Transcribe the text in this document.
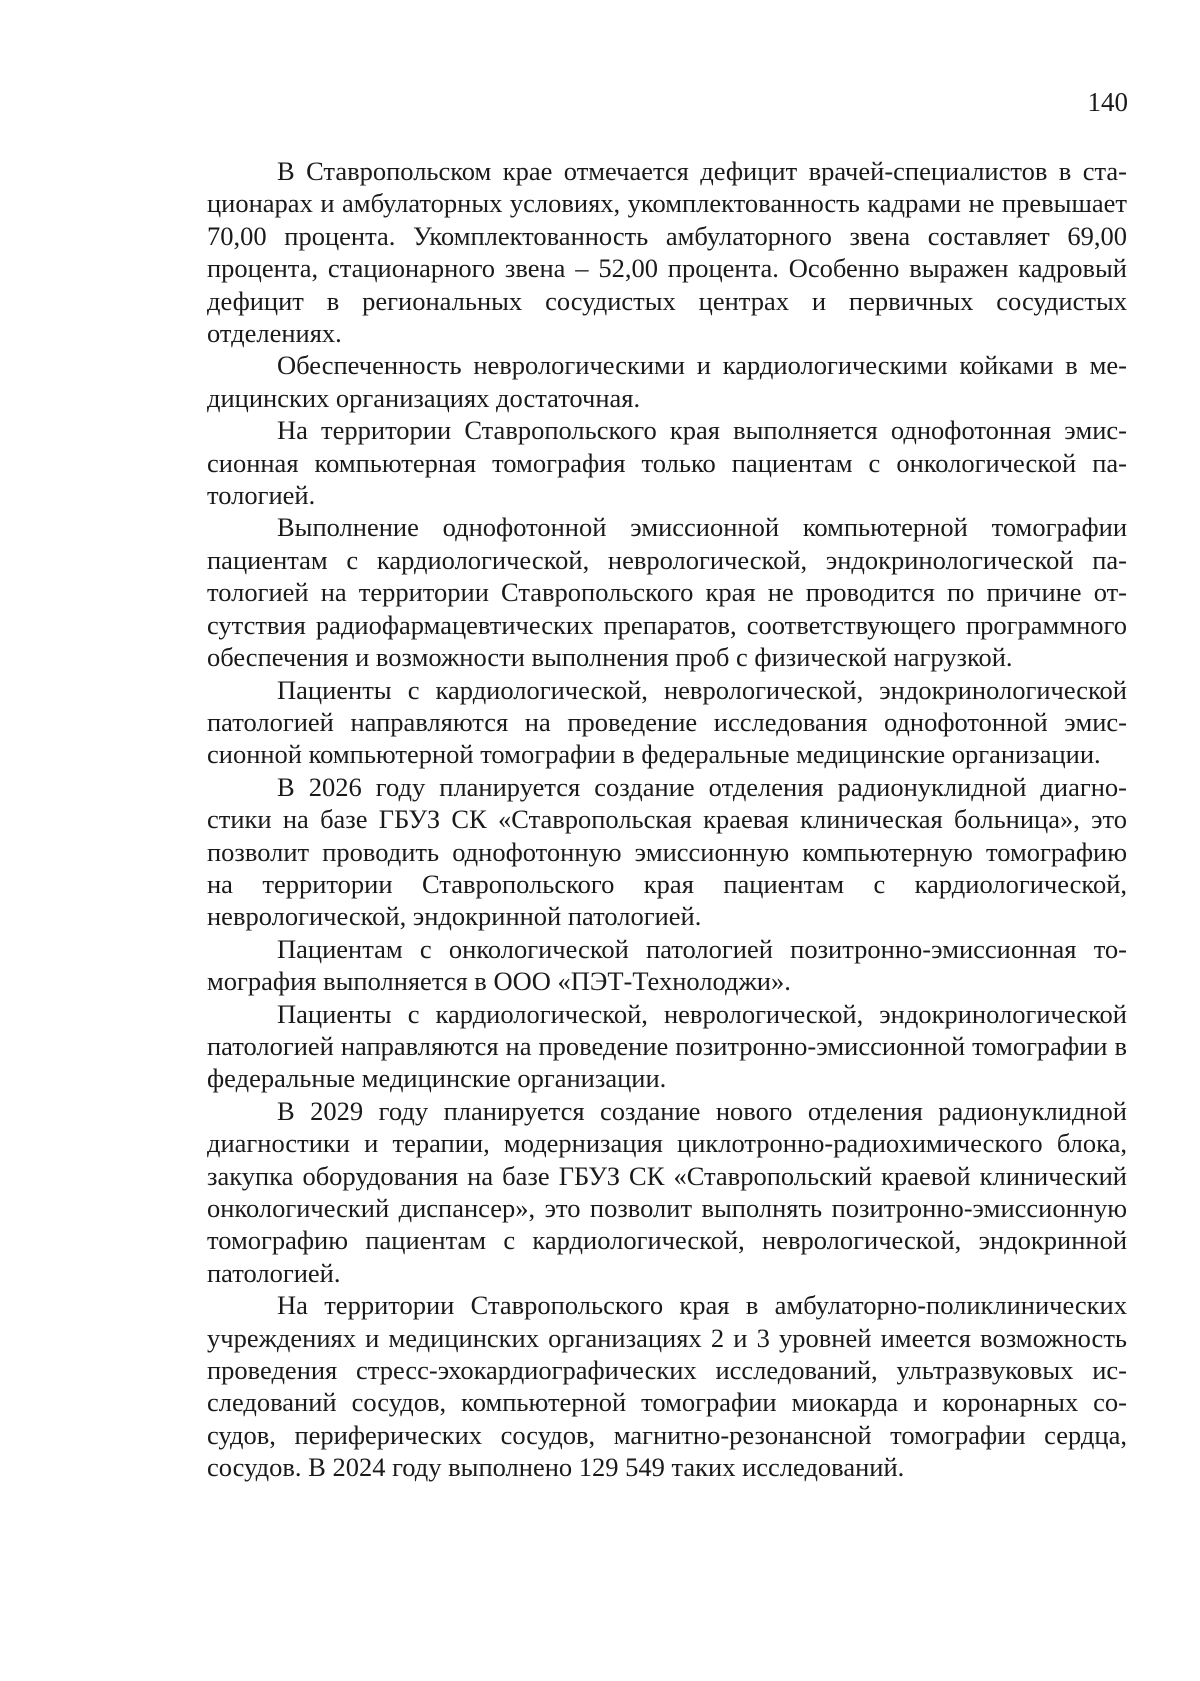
140

В Ставропольском крае отмечается дефицит врачей-специалистов в стационарах и амбулаторных условиях, укомплектованность кадрами не превышает 70,00 процента. Укомплектованность амбулаторного звена составляет 69,00 процента, стационарного звена – 52,00 процента. Особенно выражен кадровый дефицит в региональных сосудистых центрах и первичных сосудистых отделениях.

Обеспеченность неврологическими и кардиологическими койками в медицинских организациях достаточная.

На территории Ставропольского края выполняется однофотонная эмиссионная компьютерная томография только пациентам с онкологической патологией.

Выполнение однофотонной эмиссионной компьютерной томографии пациентам с кардиологической, неврологической, эндокринологической патологией на территории Ставропольского края не проводится по причине отсутствия радиофармацевтических препаратов, соответствующего программного обеспечения и возможности выполнения проб с физической нагрузкой.

Пациенты с кардиологической, неврологической, эндокринологической патологией направляются на проведение исследования однофотонной эмиссионной компьютерной томографии в федеральные медицинские организации.

В 2026 году планируется создание отделения радионуклидной диагностики на базе ГБУЗ СК «Ставропольская краевая клиническая больница», это позволит проводить однофотонную эмиссионную компьютерную томографию на территории Ставропольского края пациентам с кардиологической, неврологической, эндокринной патологией.

Пациентам с онкологической патологией позитронно-эмиссионная томография выполняется в ООО «ПЭТ-Технолоджи».

Пациенты с кардиологической, неврологической, эндокринологической патологией направляются на проведение позитронно-эмиссионной томографии в федеральные медицинские организации.

В 2029 году планируется создание нового отделения радионуклидной диагностики и терапии, модернизация циклотронно-радиохимического блока, закупка оборудования на базе ГБУЗ СК «Ставропольский краевой клинический онкологический диспансер», это позволит выполнять позитронно-эмиссионную томографию пациентам с кардиологической, неврологической, эндокринной патологией.

На территории Ставропольского края в амбулаторно-поликлинических учреждениях и медицинских организациях 2 и 3 уровней имеется возможность проведения стресс-эхокардиографических исследований, ультразвуковых исследований сосудов, компьютерной томографии миокарда и коронарных сосудов, периферических сосудов, магнитно-резонансной томографии сердца, сосудов. В 2024 году выполнено 129 549 таких исследований.
